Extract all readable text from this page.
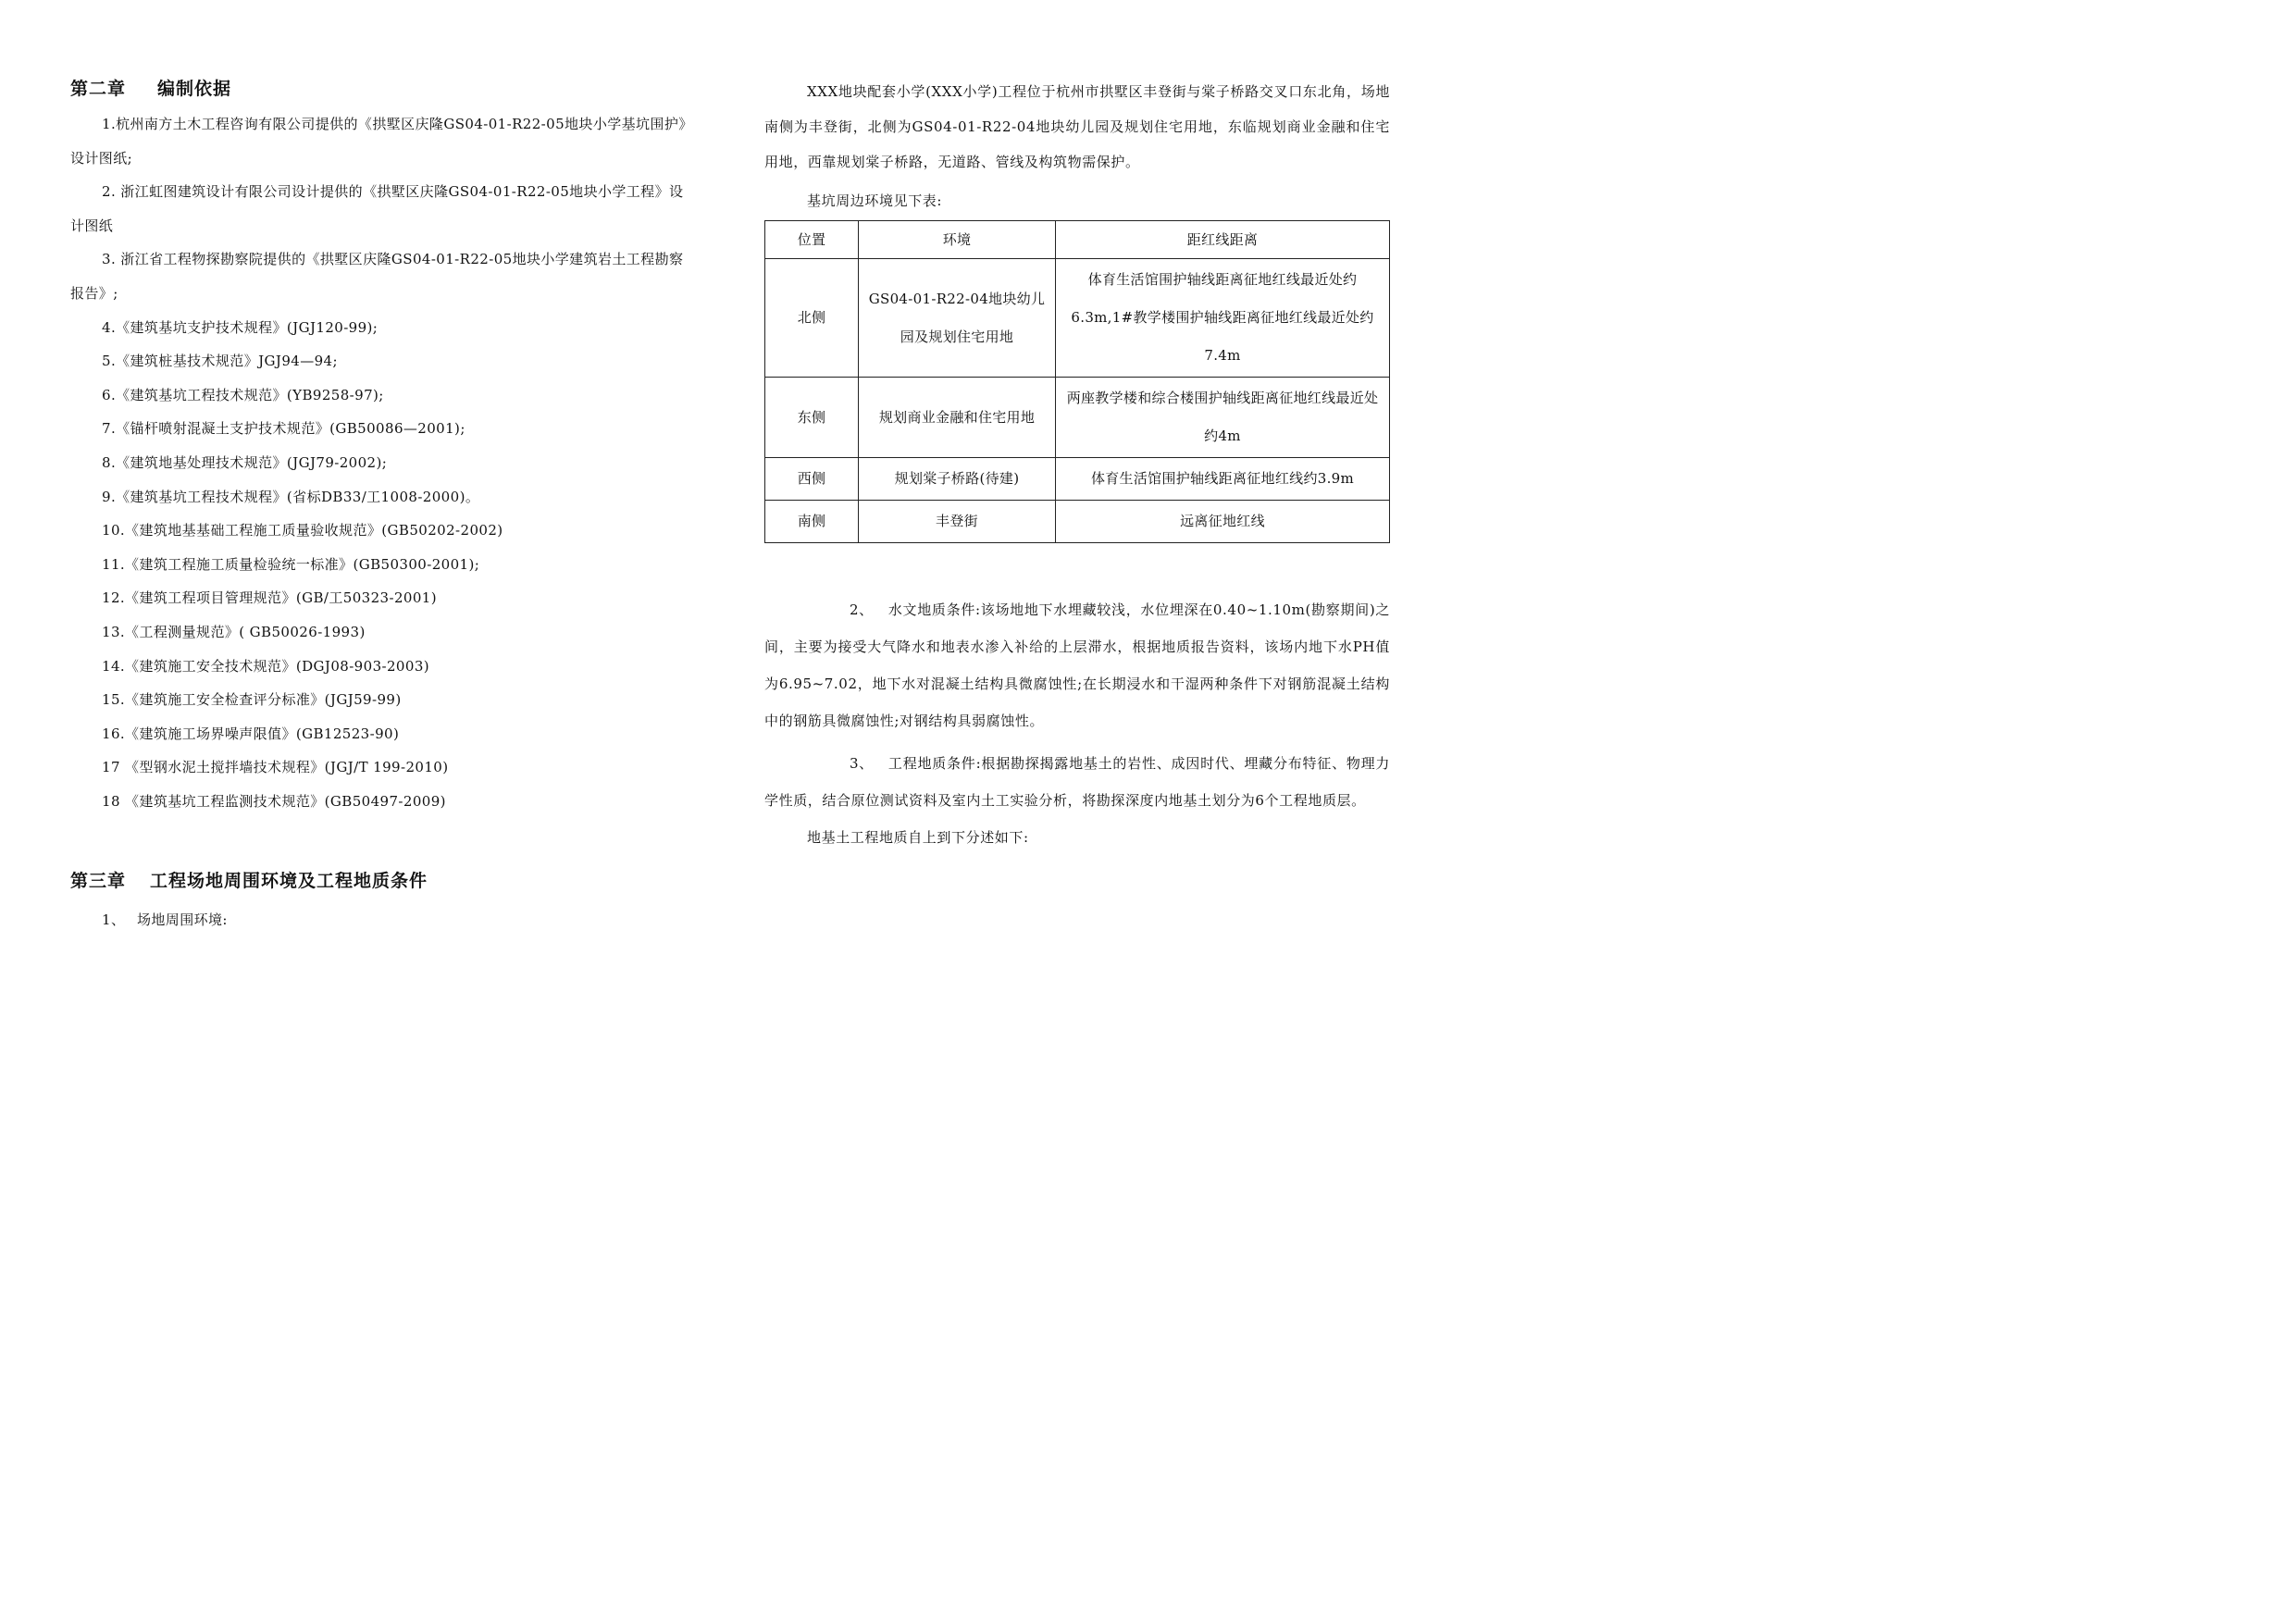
第二章 编制依据
1.杭州南方土木工程咨询有限公司提供的《拱墅区庆隆GS04-01-R22-05地块小学基坑围护》设计图纸;
2. 浙江虹图建筑设计有限公司设计提供的《拱墅区庆隆GS04-01-R22-05地块小学工程》设计图纸
3. 浙江省工程物探勘察院提供的《拱墅区庆隆GS04-01-R22-05地块小学建筑岩土工程勘察报告》;
4.《建筑基坑支护技术规程》(JGJ120-99);
5.《建筑桩基技术规范》JGJ94—94;
6.《建筑基坑工程技术规范》(YB9258-97);
7.《锚杆喷射混凝土支护技术规范》(GB50086—2001);
8.《建筑地基处理技术规范》(JGJ79-2002);
9.《建筑基坑工程技术规程》(省标DB33/工1008-2000)。
10.《建筑地基基础工程施工质量验收规范》(GB50202-2002)
11.《建筑工程施工质量检验统一标准》(GB50300-2001);
12.《建筑工程项目管理规范》(GB/工50323-2001)
13.《工程测量规范》( GB50026-1993)
14.《建筑施工安全技术规范》(DGJ08-903-2003)
15.《建筑施工安全检查评分标准》(JGJ59-99)
16.《建筑施工场界噪声限值》(GB12523-90)
17 《型钢水泥土搅拌墙技术规程》(JGJ/T 199-2010)
18 《建筑基坑工程监测技术规范》(GB50497-2009)
第三章 工程场地周围环境及工程地质条件

1、 场地周围环境:

XXX地块配套小学(XXX小学)工程位于杭州市拱墅区丰登街与棠子桥路交叉口东北角，场地南侧为丰登街，北侧为GS04-01-R22-04地块幼儿园及规划住宅用地，东临规划商业金融和住宅用地，西靠规划棠子桥路，无道路、管线及构筑物需保护。

基坑周边环境见下表:

位置	环境	距红线距离
北侧	GS04-01-R22-04地块幼儿园及规划住宅用地	体育生活馆围护轴线距离征地红线最近处约6.3m,1#教学楼围护轴线距离征地红线最近处约7.4m
东侧	规划商业金融和住宅用地	两座教学楼和综合楼围护轴线距离征地红线最近处约4m
西侧	规划棠子桥路(待建)	体育生活馆围护轴线距离征地红线约3.9m
南侧	丰登街	远离征地红线

2、 水文地质条件:该场地地下水埋藏较浅，水位埋深在0.40~1.10m(勘察期间)之间，主要为接受大气降水和地表水渗入补给的上层滞水，根据地质报告资料，该场内地下水PH值为6.95~7.02，地下水对混凝土结构具微腐蚀性;在长期浸水和干湿两种条件下对钢筋混凝土结构中的钢筋具微腐蚀性;对钢结构具弱腐蚀性。

3、 工程地质条件:根据勘探揭露地基土的岩性、成因时代、埋藏分布特征、物理力学性质，结合原位测试资料及室内土工实验分析，将勘探深度内地基土划分为6个工程地质层。

地基土工程地质自上到下分述如下:
